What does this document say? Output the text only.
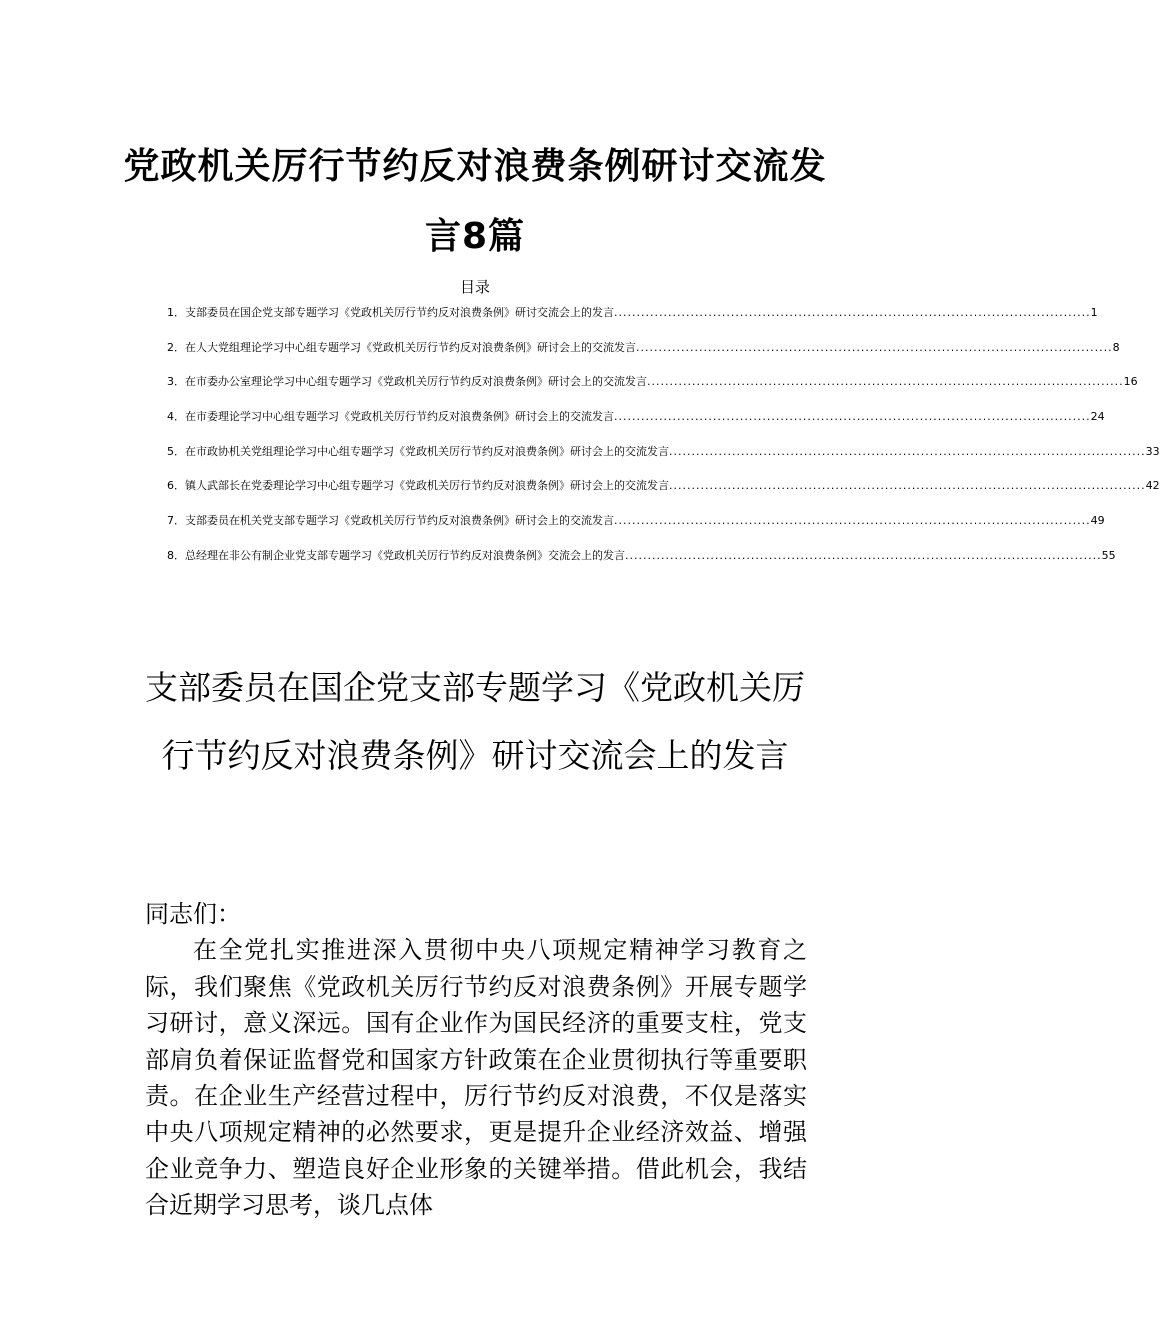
党政机关厉行节约反对浪费条例研讨交流发言8篇
目录
1． 支部委员在国企党支部专题学习《党政机关厉行节约反对浪费条例》研讨交流会上的发言 .......................................................................................................... 1
2． 在人大党组理论学习中心组专题学习《党政机关厉行节约反对浪费条例》研讨会上的交流发言 .......................................................................................................... 8
3． 在市委办公室理论学习中心组专题学习《党政机关厉行节约反对浪费条例》研讨会上的交流发言 .......................................................................................................... 16
4． 在市委理论学习中心组专题学习《党政机关厉行节约反对浪费条例》研讨会上的交流发言 .......................................................................................................... 24
5． 在市政协机关党组理论学习中心组专题学习《党政机关厉行节约反对浪费条例》研讨会上的交流发言 .......................................................................................................... 33
6． 镇人武部长在党委理论学习中心组专题学习《党政机关厉行节约反对浪费条例》研讨会上的交流发言 .......................................................................................................... 42
7． 支部委员在机关党支部专题学习《党政机关厉行节约反对浪费条例》研讨会上的交流发言 .......................................................................................................... 49
8． 总经理在非公有制企业党支部专题学习《党政机关厉行节约反对浪费条例》交流会上的发言 .......................................................................................................... 55
支部委员在国企党支部专题学习《党政机关厉行节约反对浪费条例》研讨交流会上的发言

同志们：

在全党扎实推进深入贯彻中央八项规定精神学习教育之际，我们聚焦《党政机关厉行节约反对浪费条例》开展专题学习研讨，意义深远。国有企业作为国民经济的重要支柱，党支部肩负着保证监督党和国家方针政策在企业贯彻执行等重要职责。在企业生产经营过程中，厉行节约反对浪费，不仅是落实中央八项规定精神的必然要求，更是提升企业经济效益、增强企业竞争力、塑造良好企业形象的关键举措。借此机会，我结合近期学习思考，谈几点体
